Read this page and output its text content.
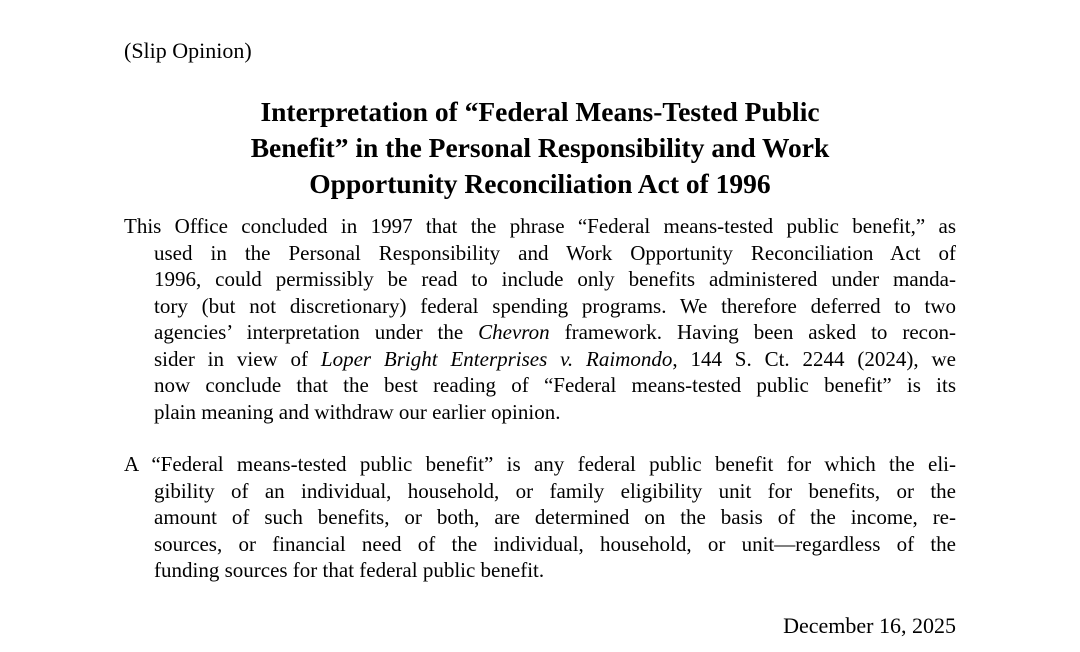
(Slip Opinion)
Interpretation of “Federal Means-Tested Public
Benefit” in the Personal Responsibility and Work
Opportunity Reconciliation Act of 1996
This Office concluded in 1997 that the phrase “Federal means-tested public benefit,” as
used in the Personal Responsibility and Work Opportunity Reconciliation Act of
1996, could permissibly be read to include only benefits administered under manda-
tory (but not discretionary) federal spending programs. We therefore deferred to two
agencies’ interpretation under the Chevron framework. Having been asked to recon-
sider in view of Loper Bright Enterprises v. Raimondo, 144 S. Ct. 2244 (2024), we
now conclude that the best reading of “Federal means-tested public benefit” is its
plain meaning and withdraw our earlier opinion.
A “Federal means-tested public benefit” is any federal public benefit for which the eli-
gibility of an individual, household, or family eligibility unit for benefits, or the
amount of such benefits, or both, are determined on the basis of the income, re-
sources, or financial need of the individual, household, or unit—regardless of the
funding sources for that federal public benefit.
December 16, 2025
